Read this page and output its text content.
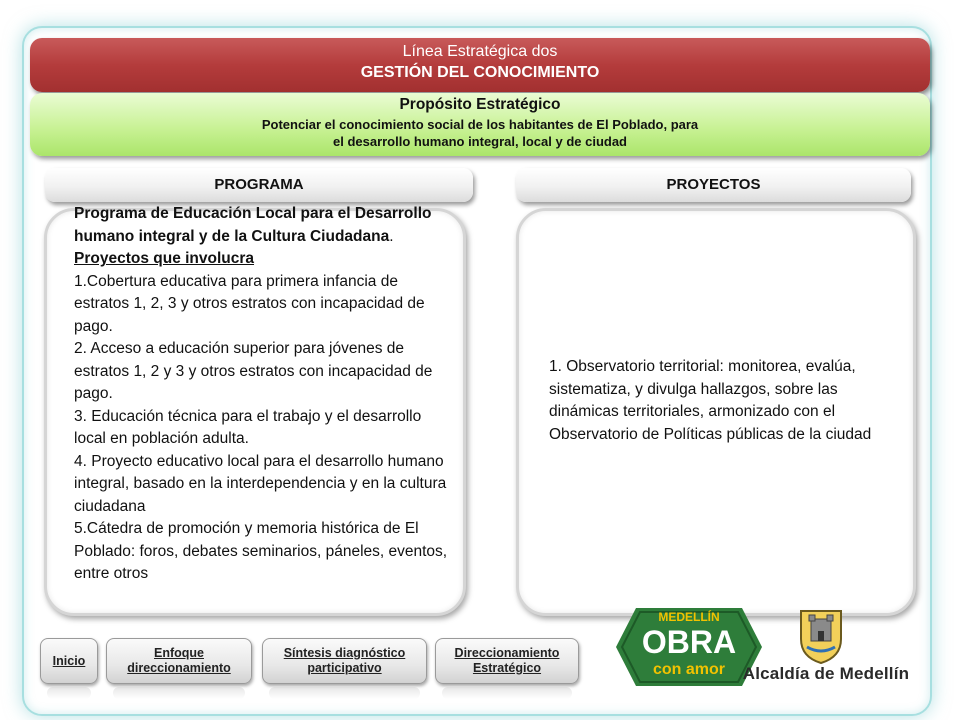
Línea Estratégica dos
GESTIÓN DEL CONOCIMIENTO
Propósito Estratégico
Potenciar el conocimiento social de los habitantes de El Poblado, para
el desarrollo humano integral, local y de ciudad
PROGRAMA	PROYECTOS
Programa de Educación Local para el Desarrollo humano integral y de la Cultura Ciudadana.
Proyectos que involucra
1.Cobertura educativa para primera infancia de estratos 1, 2, 3 y otros estratos con incapacidad de pago.
2. Acceso a educación superior para jóvenes de estratos 1, 2 y 3 y otros estratos con incapacidad de pago.
3. Educación técnica para el trabajo y el desarrollo local en población adulta.
4. Proyecto educativo local para el desarrollo humano integral, basado en la interdependencia y en la cultura ciudadana
5.Cátedra de promoción y memoria histórica de El Poblado: foros, debates seminarios, páneles, eventos, entre otros
1. Observatorio territorial: monitorea, evalúa, sistematiza, y divulga hallazgos, sobre las dinámicas territoriales, armonizado con el Observatorio de Políticas públicas de la ciudad
Inicio
Enfoque
direccionamiento
Síntesis diagnóstico
participativo
Direccionamiento
Estratégico
MEDELLÍN
OBRA
con amor Alcaldía de Medellín
